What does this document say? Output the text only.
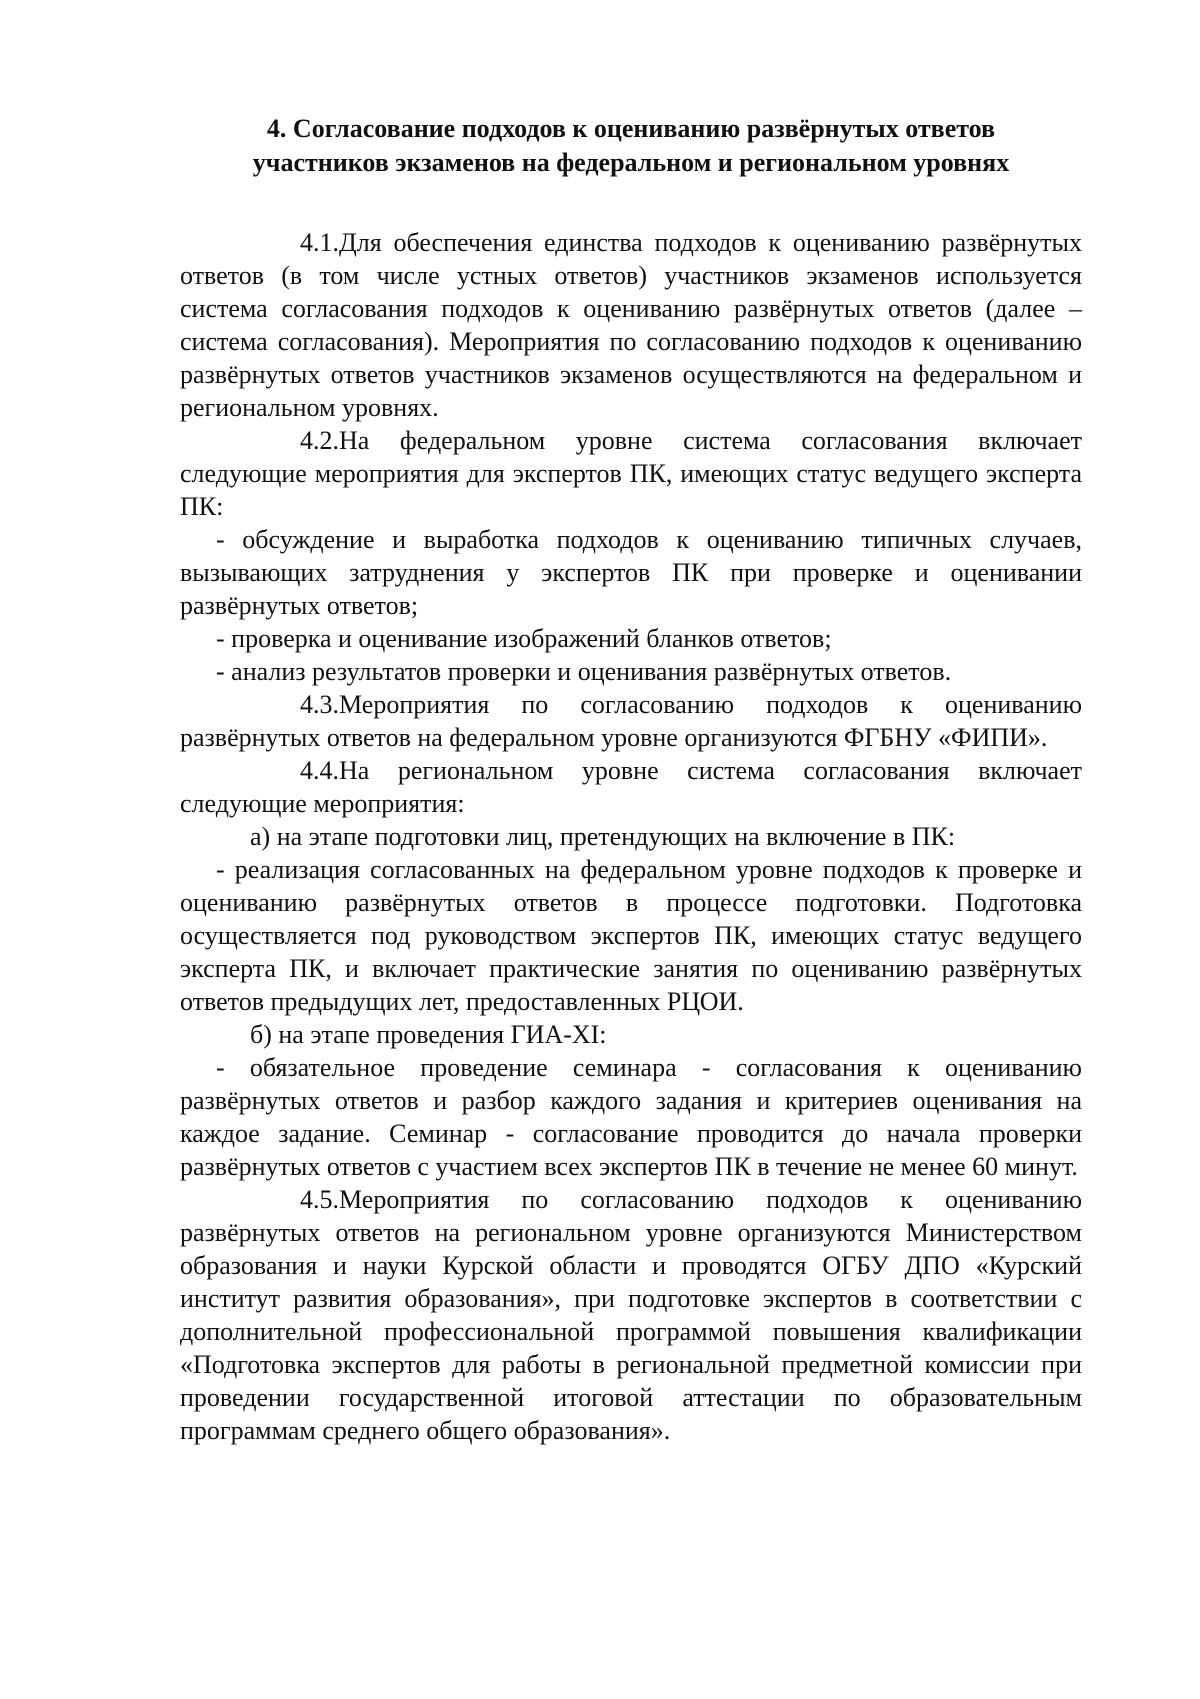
4. Согласование подходов к оцениванию развёрнутых ответов
участников экзаменов на федеральном и региональном уровнях

4.1.Для обеспечения единства подходов к оцениванию развёрнутых ответов (в том числе устных ответов) участников экзаменов используется система согласования подходов к оцениванию развёрнутых ответов (далее – система согласования). Мероприятия по согласованию подходов к оцениванию развёрнутых ответов участников экзаменов осуществляются на федеральном и региональном уровнях.

4.2.На федеральном уровне система согласования включает следующие мероприятия для экспертов ПК, имеющих статус ведущего эксперта ПК:

- обсуждение и выработка подходов к оцениванию типичных случаев, вызывающих затруднения у экспертов ПК при проверке и оценивании развёрнутых ответов;

- проверка и оценивание изображений бланков ответов;

- анализ результатов проверки и оценивания развёрнутых ответов.

4.3.Мероприятия по согласованию подходов к оцениванию развёрнутых ответов на федеральном уровне организуются ФГБНУ «ФИПИ».

4.4.На региональном уровне система согласования включает следующие мероприятия:

а) на этапе подготовки лиц, претендующих на включение в ПК:

- реализация согласованных на федеральном уровне подходов к проверке и оцениванию развёрнутых ответов в процессе подготовки. Подготовка осуществляется под руководством экспертов ПК, имеющих статус ведущего эксперта ПК, и включает практические занятия по оцениванию развёрнутых ответов предыдущих лет, предоставленных РЦОИ.

б) на этапе проведения ГИА-XI:

- обязательное проведение семинара - согласования к оцениванию развёрнутых ответов и разбор каждого задания и критериев оценивания на каждое задание. Семинар - согласование проводится до начала проверки развёрнутых ответов с участием всех экспертов ПК в течение не менее 60 минут.

4.5.Мероприятия по согласованию подходов к оцениванию развёрнутых ответов на региональном уровне организуются Министерством образования и науки Курской области и проводятся ОГБУ ДПО «Курский институт развития образования», при подготовке экспертов в соответствии с дополнительной профессиональной программой повышения квалификации «Подготовка экспертов для работы в региональной предметной комиссии при проведении государственной итоговой аттестации по образовательным программам среднего общего образования».
